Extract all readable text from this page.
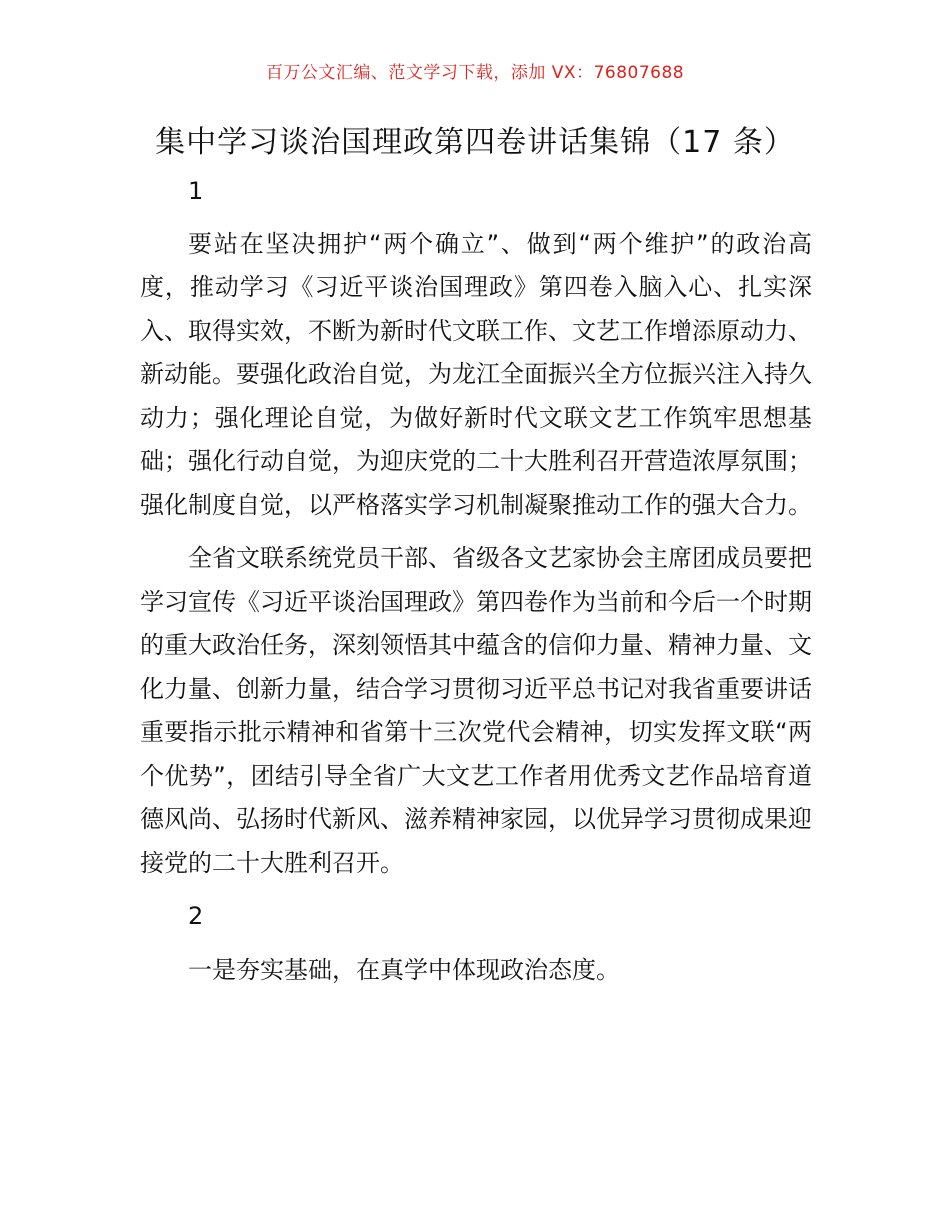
百万公文汇编、范文学习下载，添加 VX：76807688
集中学习谈治国理政第四卷讲话集锦（17 条）
1

要站在坚决拥护“两个确立”、做到“两个维护”的政治高度，推动学习《习近平谈治国理政》第四卷入脑入心、扎实深入、取得实效，不断为新时代文联工作、文艺工作增添原动力、新动能。要强化政治自觉，为龙江全面振兴全方位振兴注入持久动力；强化理论自觉，为做好新时代文联文艺工作筑牢思想基础；强化行动自觉，为迎庆党的二十大胜利召开营造浓厚氛围；强化制度自觉，以严格落实学习机制凝聚推动工作的强大合力。

全省文联系统党员干部、省级各文艺家协会主席团成员要把学习宣传《习近平谈治国理政》第四卷作为当前和今后一个时期的重大政治任务，深刻领悟其中蕴含的信仰力量、精神力量、文化力量、创新力量，结合学习贯彻习近平总书记对我省重要讲话重要指示批示精神和省第十三次党代会精神，切实发挥文联“两个优势”，团结引导全省广大文艺工作者用优秀文艺作品培育道德风尚、弘扬时代新风、滋养精神家园，以优异学习贯彻成果迎接党的二十大胜利召开。

2

一是夯实基础，在真学中体现政治态度。
